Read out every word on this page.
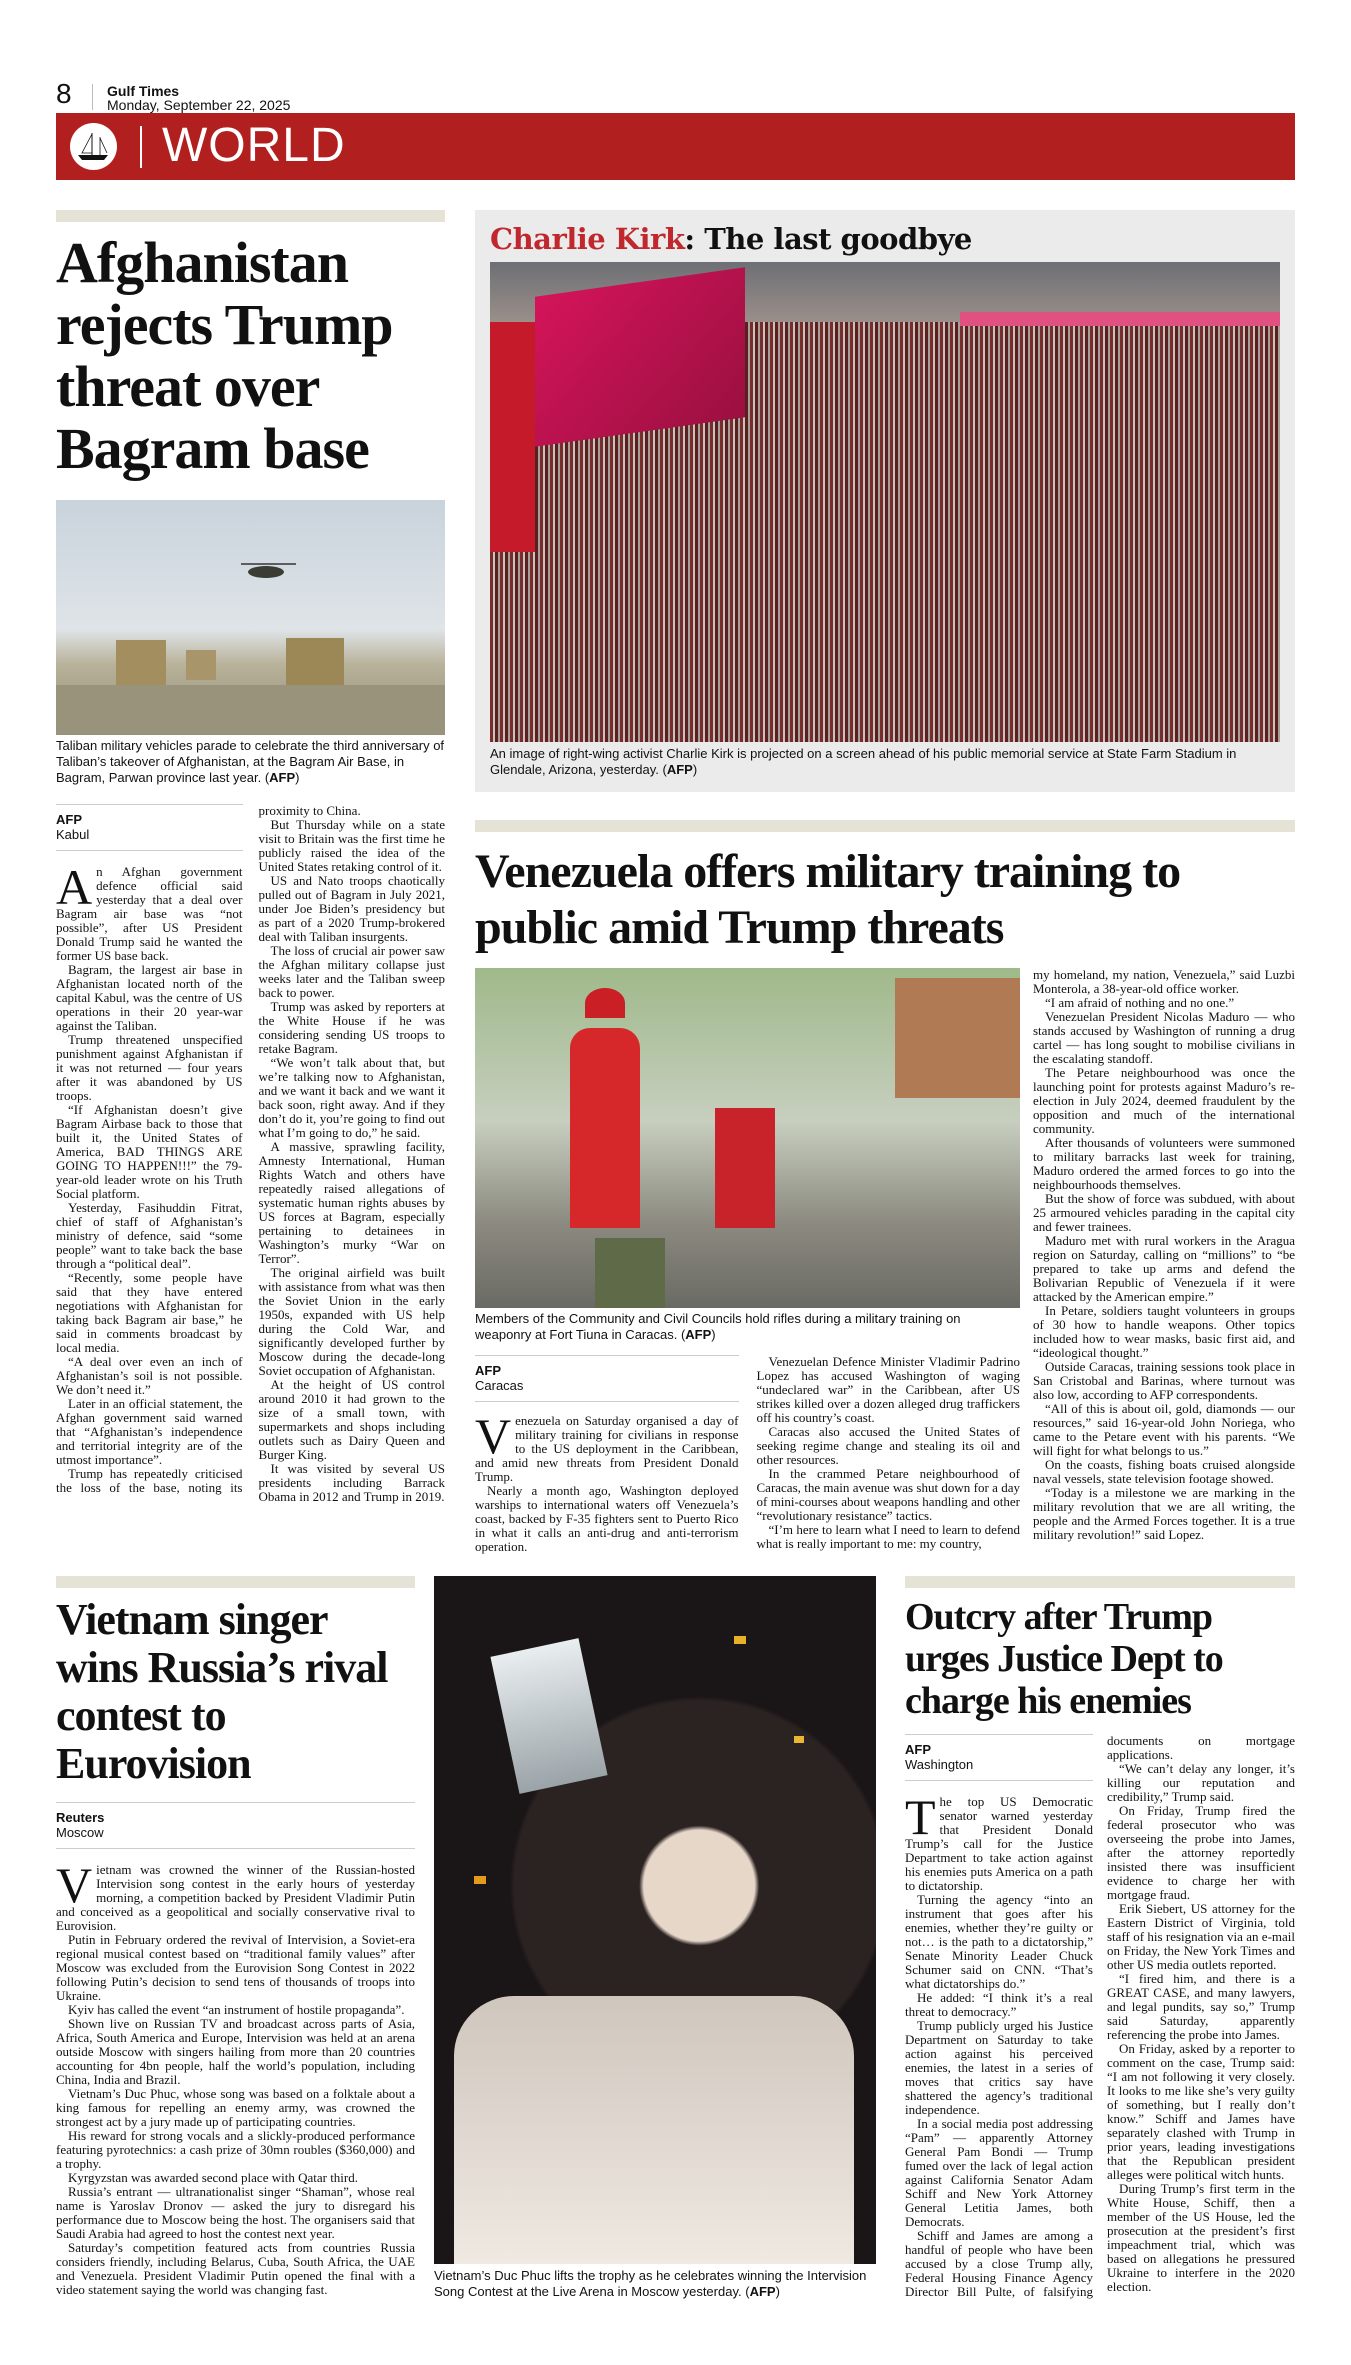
8	Gulf Times
Monday, September 22, 2025
WORLD
Afghanistan rejects Trump threat over Bagram base
Taliban military vehicles parade to celebrate the third anniversary of Taliban’s takeover of Afghanistan, at the Bagram Air Base, in Bagram, Parwan province last year. (AFP)
AFP
Kabul

An Afghan government defence official said yesterday that a deal over Bagram air base was “not possible”, after US President Donald Trump said he wanted the former US base back.

Bagram, the largest air base in Afghanistan located north of the capital Kabul, was the centre of US operations in their 20 year-war against the Taliban.

Trump threatened unspecified punishment against Afghanistan if it was not returned — four years after it was abandoned by US troops.

“If Afghanistan doesn’t give Bagram Airbase back to those that built it, the United States of America, BAD THINGS ARE GOING TO HAPPEN!!!” the 79-year-old leader wrote on his Truth Social platform.

Yesterday, Fasihuddin Fitrat, chief of staff of Afghanistan’s ministry of defence, said “some people” want to take back the base through a “political deal”.

“Recently, some people have said that they have entered negotiations with Afghanistan for taking back Bagram air base,” he said in comments broadcast by local media.

“A deal over even an inch of Afghanistan’s soil is not possible. We don’t need it.”

Later in an official statement, the Afghan government said warned that “Afghanistan’s independence and territorial integrity are of the utmost importance”.

Trump has repeatedly criticised the loss of the base, noting its proximity to China.

But Thursday while on a state visit to Britain was the first time he publicly raised the idea of the United States retaking control of it.

US and Nato troops chaotically pulled out of Bagram in July 2021, under Joe Biden’s presidency but as part of a 2020 Trump-brokered deal with Taliban insurgents.

The loss of crucial air power saw the Afghan military collapse just weeks later and the Taliban sweep back to power.

Trump was asked by reporters at the White House if he was considering sending US troops to retake Bagram.

“We won’t talk about that, but we’re talking now to Afghanistan, and we want it back and we want it back soon, right away. And if they don’t do it, you’re going to find out what I’m going to do,” he said.

A massive, sprawling facility, Amnesty International, Human Rights Watch and others have repeatedly raised allegations of systematic human rights abuses by US forces at Bagram, especially pertaining to detainees in Washington’s murky “War on Terror”.

The original airfield was built with assistance from what was then the Soviet Union in the early 1950s, expanded with US help during the Cold War, and significantly developed further by Moscow during the decade-long Soviet occupation of Afghanistan.

At the height of US control around 2010 it had grown to the size of a small town, with supermarkets and shops including outlets such as Dairy Queen and Burger King.

It was visited by several US presidents including Barrack Obama in 2012 and Trump in 2019.

Charlie Kirk: The last goodbye
An image of right-wing activist Charlie Kirk is projected on a screen ahead of his public memorial service at State Farm Stadium in Glendale, Arizona, yesterday. (AFP)
Venezuela offers military training to public amid Trump threats
Members of the Community and Civil Councils hold rifles during a military training on weaponry at Fort Tiuna in Caracas. (AFP)
AFP
Caracas

Venezuela on Saturday organised a day of military training for civilians in response to the US deployment in the Caribbean, and amid new threats from President Donald Trump.

Nearly a month ago, Washington deployed warships to international waters off Venezuela’s coast, backed by F-35 fighters sent to Puerto Rico in what it calls an anti-drug and anti-terrorism operation.

Venezuelan Defence Minister Vladimir Padrino Lopez has accused Washington of waging “undeclared war” in the Caribbean, after US strikes killed over a dozen alleged drug traffickers off his country’s coast.

Caracas also accused the United States of seeking regime change and stealing its oil and other resources.

In the crammed Petare neighbourhood of Caracas, the main avenue was shut down for a day of mini-courses about weapons handling and other “revolutionary resistance” tactics.

“I’m here to learn what I need to learn to defend what is really important to me: my country,

my homeland, my nation, Venezuela,” said Luzbi Monterola, a 38-year-old office worker.

“I am afraid of nothing and no one.”

Venezuelan President Nicolas Maduro — who stands accused by Washington of running a drug cartel — has long sought to mobilise civilians in the escalating standoff.

The Petare neighbourhood was once the launching point for protests against Maduro’s re-election in July 2024, deemed fraudulent by the opposition and much of the international community.

After thousands of volunteers were summoned to military barracks last week for training, Maduro ordered the armed forces to go into the neighbourhoods themselves.

But the show of force was subdued, with about 25 armoured vehicles parading in the capital city and fewer trainees.

Maduro met with rural workers in the Aragua region on Saturday, calling on “millions” to “be prepared to take up arms and defend the Bolivarian Republic of Venezuela if it were attacked by the American empire.”

In Petare, soldiers taught volunteers in groups of 30 how to handle weapons. Other topics included how to wear masks, basic first aid, and “ideological thought.”

Outside Caracas, training sessions took place in San Cristobal and Barinas, where turnout was also low, according to AFP correspondents.

“All of this is about oil, gold, diamonds — our resources,” said 16-year-old John Noriega, who came to the Petare event with his parents. “We will fight for what belongs to us.”

On the coasts, fishing boats cruised alongside naval vessels, state television footage showed.

“Today is a milestone we are marking in the military revolution that we are all writing, the people and the Armed Forces together. It is a true military revolution!” said Lopez.

Vietnam singer wins Russia’s rival contest to Eurovision
Reuters
Moscow

Vietnam was crowned the winner of the Russian-hosted Intervision song contest in the early hours of yesterday morning, a competition backed by President Vladimir Putin and conceived as a geopolitical and socially conservative rival to Eurovision.

Putin in February ordered the revival of Intervision, a Soviet-era regional musical contest based on “traditional family values” after Moscow was excluded from the Eurovision Song Contest in 2022 following Putin’s decision to send tens of thousands of troops into Ukraine.

Kyiv has called the event “an instrument of hostile propaganda”.

Shown live on Russian TV and broadcast across parts of Asia, Africa, South America and Europe, Intervision was held at an arena outside Moscow with singers hailing from more than 20 countries accounting for 4bn people, half the world’s population, including China, India and Brazil.

Vietnam’s Duc Phuc, whose song was based on a folktale about a king famous for repelling an enemy army, was crowned the strongest act by a jury made up of participating countries.

His reward for strong vocals and a slickly-produced performance featuring pyrotechnics: a cash prize of 30mn roubles ($360,000) and a trophy.

Kyrgyzstan was awarded second place with Qatar third.

Russia’s entrant — ultranationalist singer “Shaman”, whose real name is Yaroslav Dronov — asked the jury to disregard his performance due to Moscow being the host. The organisers said that Saudi Arabia had agreed to host the contest next year.

Saturday’s competition featured acts from countries Russia considers friendly, including Belarus, Cuba, South Africa, the UAE and Venezuela. President Vladimir Putin opened the final with a video statement saying the world was changing fast.

Vietnam’s Duc Phuc lifts the trophy as he celebrates winning the Intervision Song Contest at the Live Arena in Moscow yesterday. (AFP)
Outcry after Trump urges Justice Dept to charge his enemies
AFP
Washington

The top US Democratic senator warned yesterday that President Donald Trump’s call for the Justice Department to take action against his enemies puts America on a path to dictatorship.

Turning the agency “into an instrument that goes after his enemies, whether they’re guilty or not… is the path to a dictatorship,” Senate Minority Leader Chuck Schumer said on CNN. “That’s what dictatorships do.”

He added: “I think it’s a real threat to democracy.”

Trump publicly urged his Justice Department on Saturday to take action against his perceived enemies, the latest in a series of moves that critics say have shattered the agency’s traditional independence.

In a social media post addressing “Pam” — apparently Attorney General Pam Bondi — Trump fumed over the lack of legal action against California Senator Adam Schiff and New York Attorney General Letitia James, both Democrats.

Schiff and James are among a handful of people who have been accused by a close Trump ally, Federal Housing Finance Agency Director Bill Pulte, of falsifying documents on mortgage applications.

“We can’t delay any longer, it’s killing our reputation and credibility,” Trump said.

On Friday, Trump fired the federal prosecutor who was overseeing the probe into James, after the attorney reportedly insisted there was insufficient evidence to charge her with mortgage fraud.

Erik Siebert, US attorney for the Eastern District of Virginia, told staff of his resignation via an e-mail on Friday, the New York Times and other US media outlets reported.

“I fired him, and there is a GREAT CASE, and many lawyers, and legal pundits, say so,” Trump said Saturday, apparently referencing the probe into James.

On Friday, asked by a reporter to comment on the case, Trump said: “I am not following it very closely. It looks to me like she’s very guilty of something, but I really don’t know.” Schiff and James have separately clashed with Trump in prior years, leading investigations that the Republican president alleges were political witch hunts.

During Trump’s first term in the White House, Schiff, then a member of the US House, led the prosecution at the president’s first impeachment trial, which was based on allegations he pressured Ukraine to interfere in the 2020 election.
